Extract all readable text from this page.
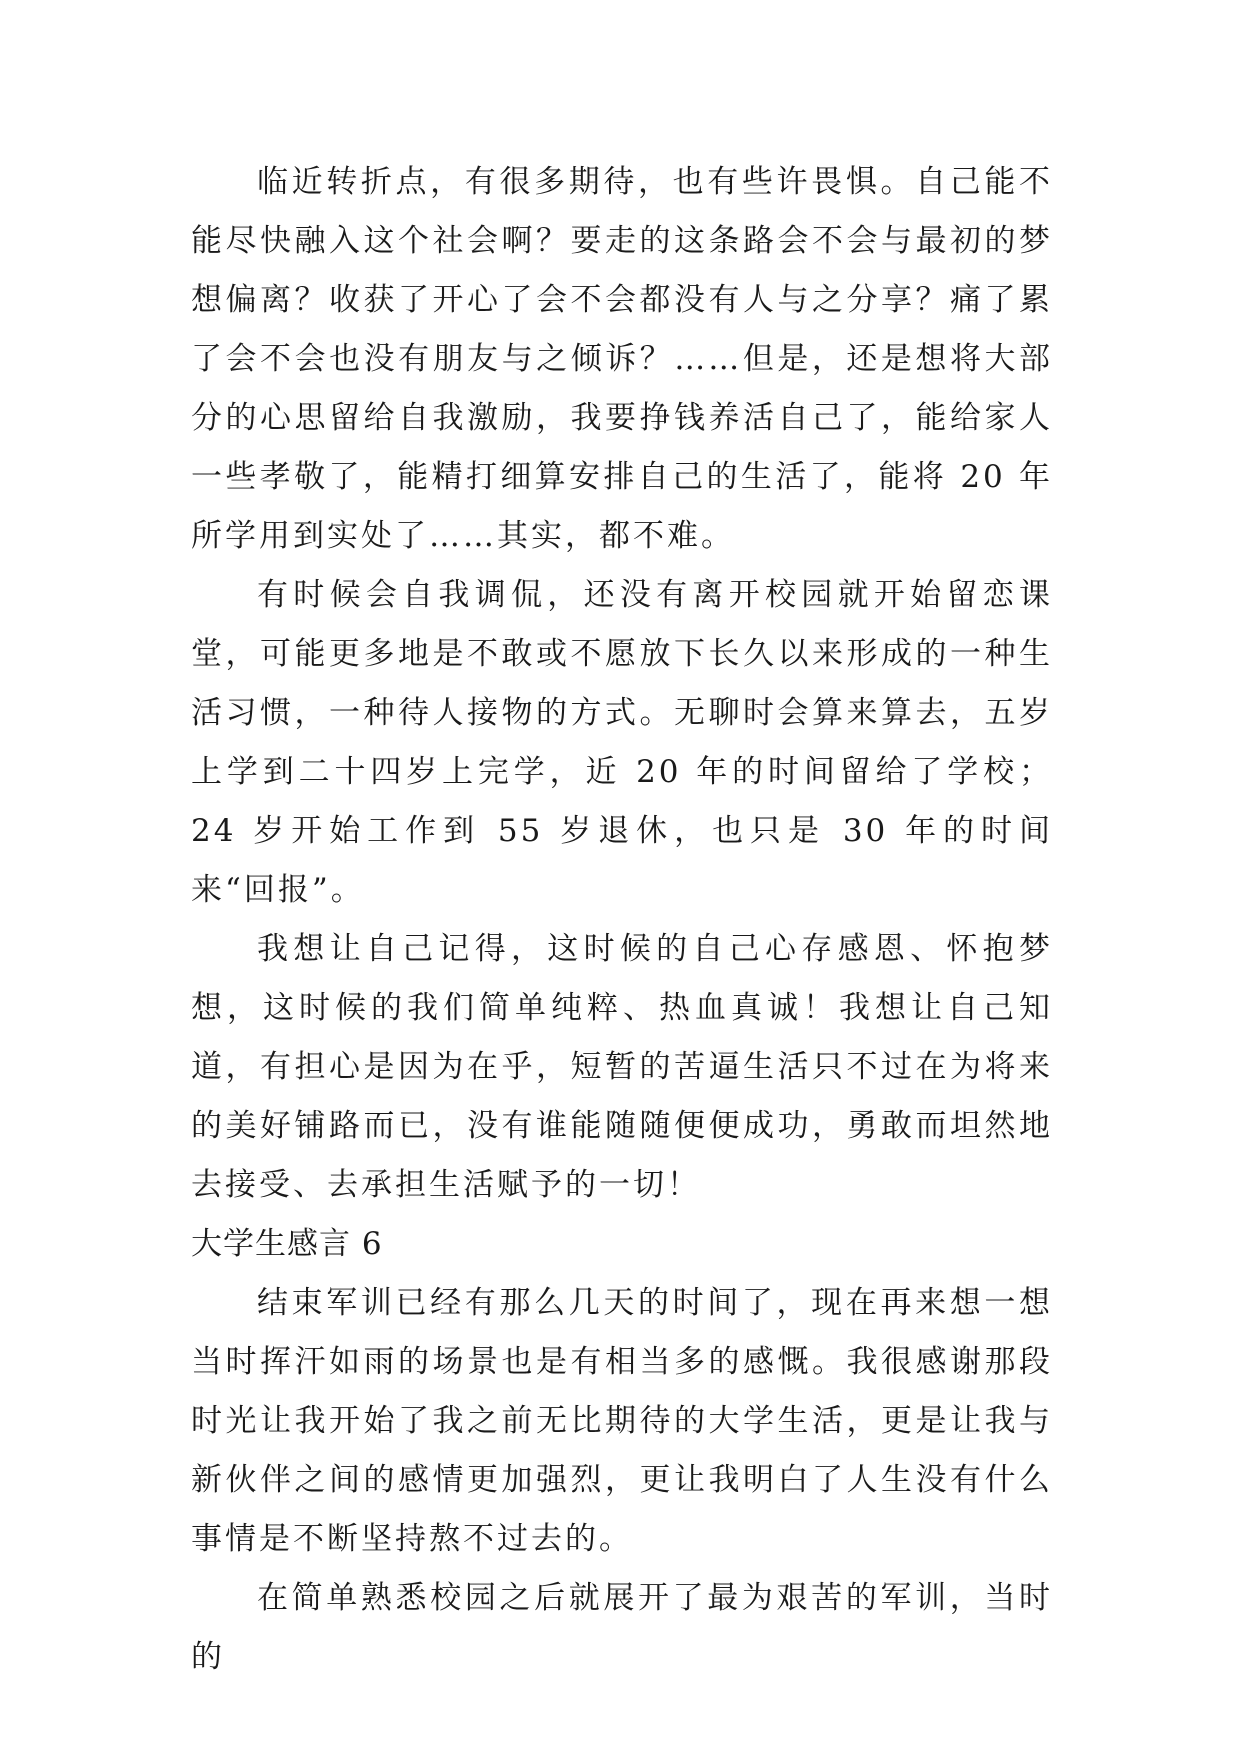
临近转折点，有很多期待，也有些许畏惧。自己能不能尽快融入这个社会啊？要走的这条路会不会与最初的梦想偏离？收获了开心了会不会都没有人与之分享？痛了累了会不会也没有朋友与之倾诉？……但是，还是想将大部分的心思留给自我激励，我要挣钱养活自己了，能给家人一些孝敬了，能精打细算安排自己的生活了，能将 20 年所学用到实处了……其实，都不难。

有时候会自我调侃，还没有离开校园就开始留恋课堂，可能更多地是不敢或不愿放下长久以来形成的一种生活习惯，一种待人接物的方式。无聊时会算来算去，五岁上学到二十四岁上完学，近 20 年的时间留给了学校；24 岁开始工作到 55 岁退休，也只是 30 年的时间来“回报”。

我想让自己记得，这时候的自己心存感恩、怀抱梦想，这时候的我们简单纯粹、热血真诚！我想让自己知道，有担心是因为在乎，短暂的苦逼生活只不过在为将来的美好铺路而已，没有谁能随随便便成功，勇敢而坦然地去接受、去承担生活赋予的一切！

大学生感言 6

结束军训已经有那么几天的时间了，现在再来想一想当时挥汗如雨的场景也是有相当多的感慨。我很感谢那段时光让我开始了我之前无比期待的大学生活，更是让我与新伙伴之间的感情更加强烈，更让我明白了人生没有什么事情是不断坚持熬不过去的。

在简单熟悉校园之后就展开了最为艰苦的军训，当时的
